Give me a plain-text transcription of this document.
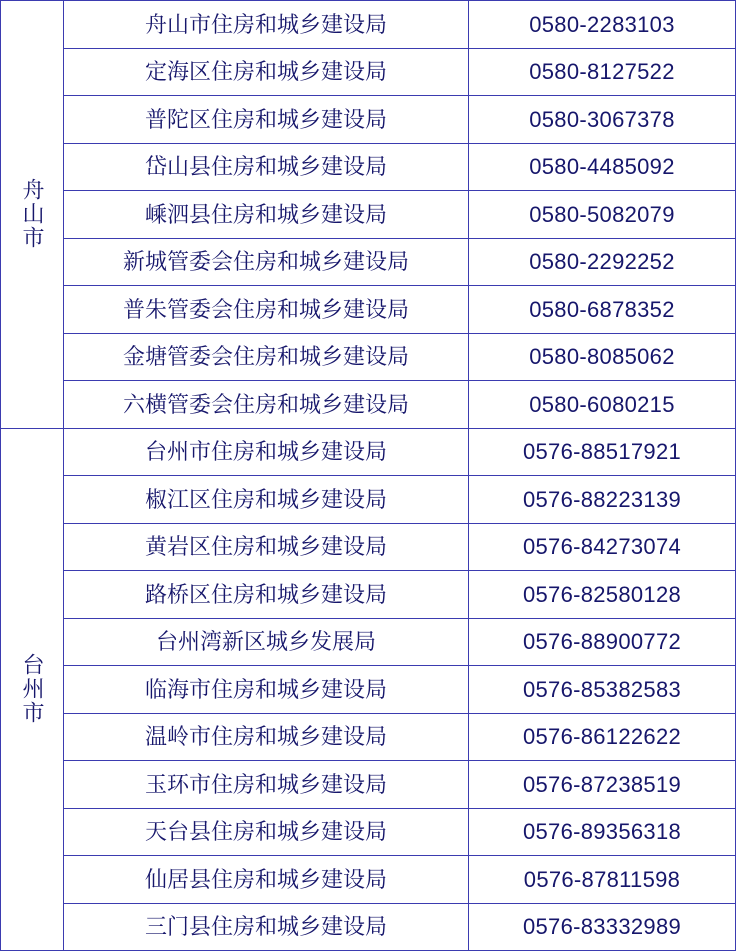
舟山市	舟山市住房和城乡建设局	0580-2283103
	定海区住房和城乡建设局	0580-8127522
	普陀区住房和城乡建设局	0580-3067378
	岱山县住房和城乡建设局	0580-4485092
	嵊泗县住房和城乡建设局	0580-5082079
	新城管委会住房和城乡建设局	0580-2292252
	普朱管委会住房和城乡建设局	0580-6878352
	金塘管委会住房和城乡建设局	0580-8085062
	六横管委会住房和城乡建设局	0580-6080215

台州市	台州市住房和城乡建设局	0576-88517921
	椒江区住房和城乡建设局	0576-88223139
	黄岩区住房和城乡建设局	0576-84273074
	路桥区住房和城乡建设局	0576-82580128
	台州湾新区城乡发展局	0576-88900772
	临海市住房和城乡建设局	0576-85382583
	温岭市住房和城乡建设局	0576-86122622
	玉环市住房和城乡建设局	0576-87238519
	天台县住房和城乡建设局	0576-89356318
	仙居县住房和城乡建设局	0576-87811598
	三门县住房和城乡建设局	0576-83332989
